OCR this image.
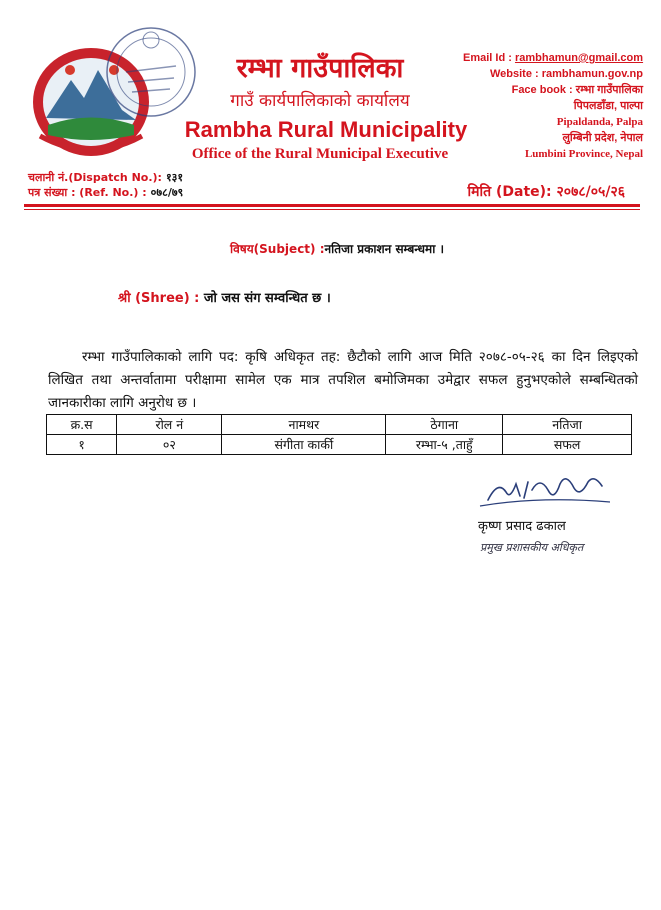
रम्भा गाउँपालिका
गाउँ कार्यपालिकाको कार्यालय
Rambha Rural Municipality
Office of the Rural Municipal Executive
Email Id : rambhamun@gmail.com
Website : rambhamun.gov.np
Face book : रम्भा गाउँपालिका
पिपलडाँडा, पाल्पा
Pipaldanda, Palpa
लुम्बिनी प्रदेश, नेपाल
Lumbini Province, Nepal
चलानी नं.(Dispatch No.): १३१
पत्र संख्या : (Ref. No.) : ०७८/७९	मिति (Date): २०७८/०५/२६
विषय(Subject) :नतिजा प्रकाशन सम्बन्धमा ।
श्री (Shree) : जो जस संग सम्वन्धित छ ।

रम्भा गाउँपालिकाको लागि पद: कृषि अधिकृत तह: छैटौको लागि आज मिति २०७८-०५-२६ का दिन लिइएको लिखित तथा अन्तर्वातामा परीक्षामा सामेल एक मात्र तपशिल बमोजिमका उमेद्वार सफल हुनुभएकोले सम्बन्धितको जानकारीका लागि अनुरोध छ ।

क्र.स	रोल नं	नामथर	ठेगाना	नतिजा
१	०२	संगीता कार्की	रम्भा-५ ,ताहुँ	सफल
कृष्ण प्रसाद ढकाल
प्रमुख प्रशासकीय अधिकृत
